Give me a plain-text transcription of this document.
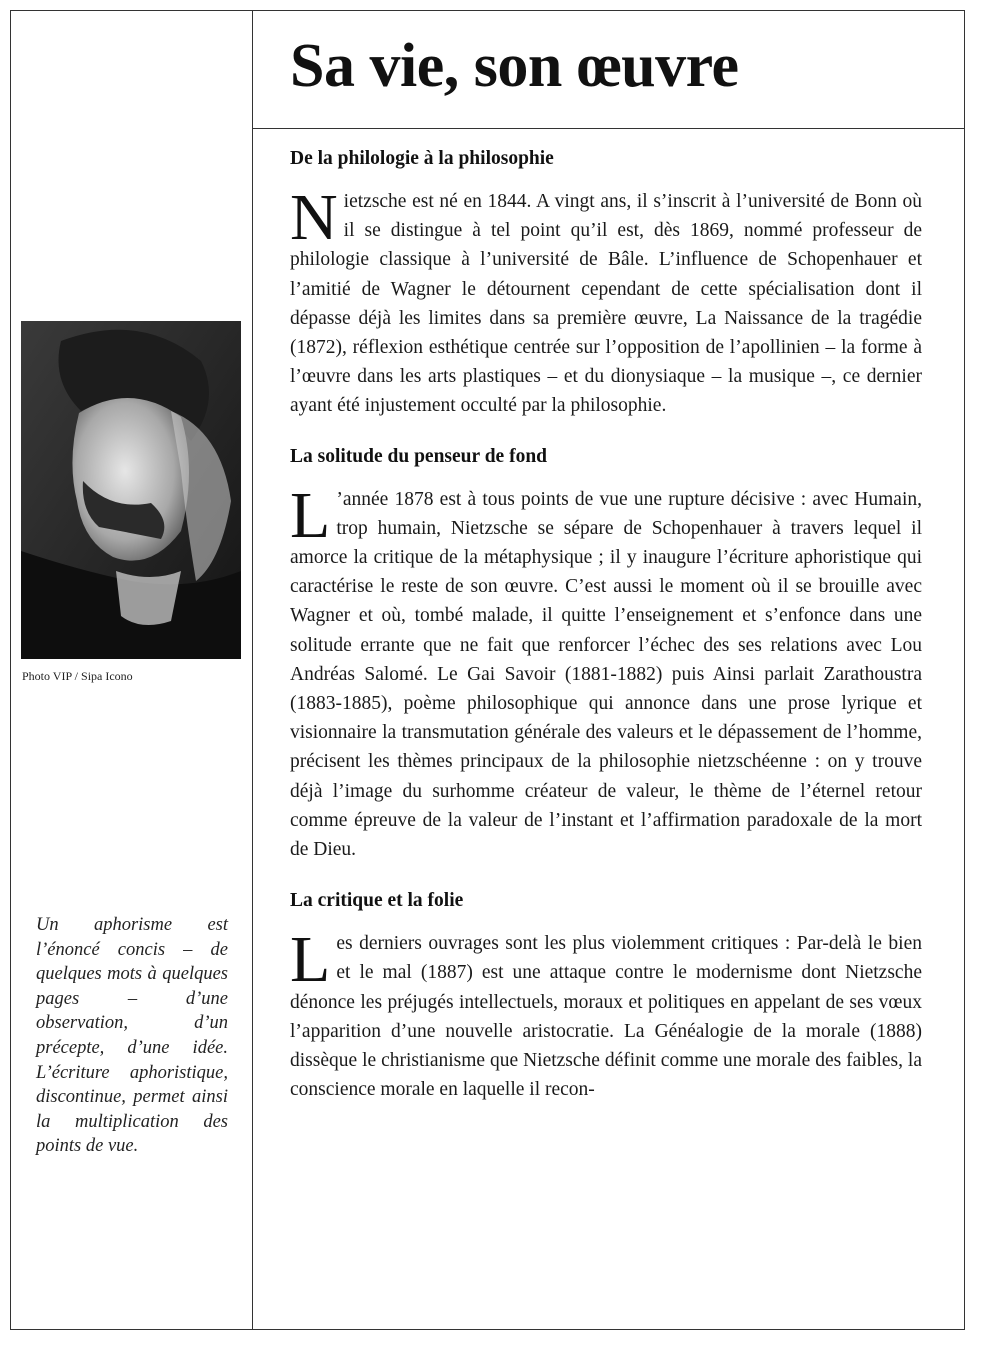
Sa vie, son œuvre
Photo VIP / Sipa Icono

Un aphorisme est l’énoncé concis – de quelques mots à quelques pages – d’une observation, d’un précepte, d’une idée. L’écriture aphoristique, discontinue, permet ainsi la multiplication des points de vue.

De la philologie à la philosophie

Nietzsche est né en 1844. A vingt ans, il s’inscrit à l’université de Bonn où il se distingue à tel point qu’il est, dès 1869, nommé professeur de philologie classique à l’université de Bâle. L’influence de Schopenhauer et l’amitié de Wagner le détournent cependant de cette spécialisation dont il dépasse déjà les limites dans sa première œuvre, La Naissance de la tragédie (1872), réflexion esthétique centrée sur l’opposition de l’apollinien – la forme à l’œuvre dans les arts plastiques – et du dionysiaque – la musique –, ce dernier ayant été injustement occulté par la philosophie.

La solitude du penseur de fond

L ’année 1878 est à tous points de vue une rupture décisive : avec Humain, trop humain, Nietzsche se sépare de Schopenhauer à travers lequel il amorce la critique de la métaphysique ; il y inaugure l’écriture aphoristique qui caractérise le reste de son œuvre. C’est aussi le moment où il se brouille avec Wagner et où, tombé malade, il quitte l’enseignement et s’enfonce dans une solitude errante que ne fait que renforcer l’échec des ses relations avec Lou Andréas Salomé. Le Gai Savoir (1881-1882) puis Ainsi parlait Zarathoustra (1883-1885), poème philosophique qui annonce dans une prose lyrique et visionnaire la transmutation générale des valeurs et le dépassement de l’homme, précisent les thèmes principaux de la philosophie nietzschéenne : on y trouve déjà l’image du surhomme créateur de valeur, le thème de l’éternel retour comme épreuve de la valeur de l’instant et l’affirmation paradoxale de la mort de Dieu.

La critique et la folie

Les derniers ouvrages sont les plus violemment critiques : Par-delà le bien et le mal (1887) est une attaque contre le modernisme dont Nietzsche dénonce les préjugés intellectuels, moraux et politiques en appelant de ses vœux l’apparition d’une nouvelle aristocratie. La Généalogie de la morale (1888) dissèque le christianisme que Nietzsche définit comme une morale des faibles, la conscience morale en laquelle il recon-
